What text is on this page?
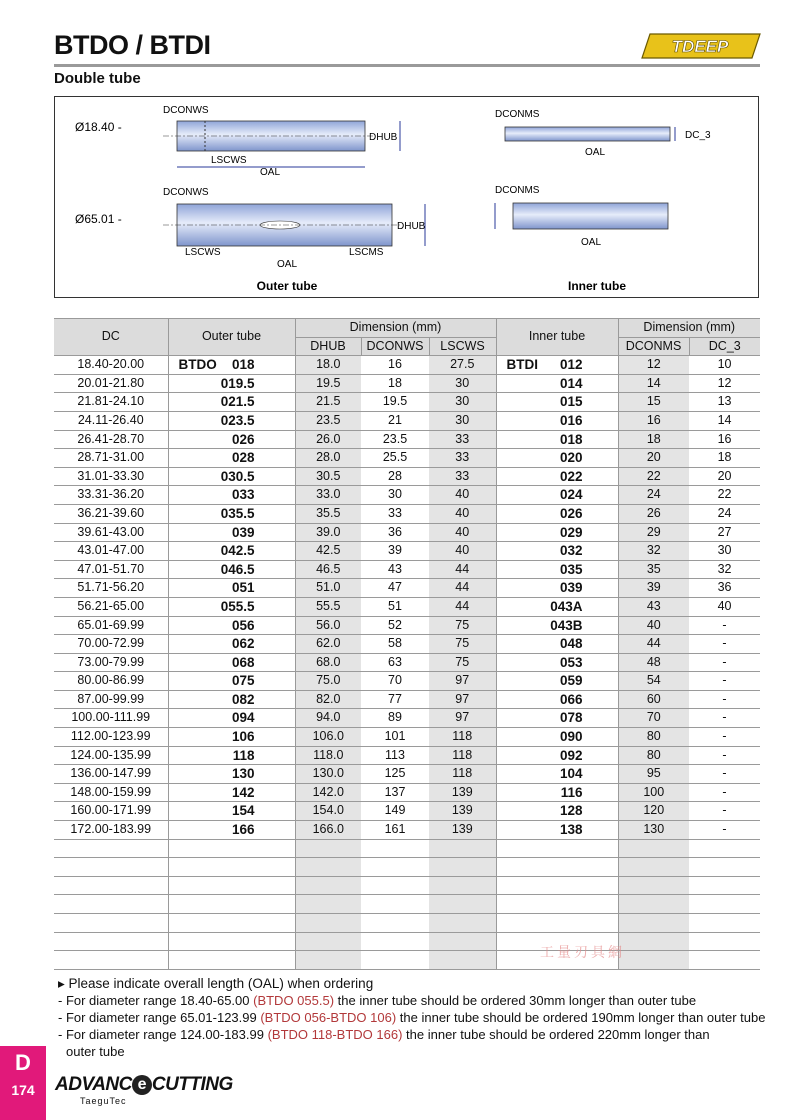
BTDO / BTDI
Double tube
TDEEP
Ø18.40 -
DCONWS
DHUB
LSCWS
OAL
Ø65.01 -
DCONWS
DHUB
LSCWS	LSCMS
OAL
Outer tube
DCONMS
DC_3
OAL
DCONMS
OAL
Inner tube
DC	Outer tube	Dimension (mm)			Inner tube	Dimension (mm)	
		DHUB	DCONWS	LSCWS		DCONMS	DC_3
18.40-20.00	BTDO 018	18.0	16	27.5	BTDI 012	12	10
20.01-21.80	019.5	19.5	18	30	014	14	12
21.81-24.10	021.5	21.5	19.5	30	015	15	13
24.11-26.40	023.5	23.5	21	30	016	16	14
26.41-28.70	026	26.0	23.5	33	018	18	16
28.71-31.00	028	28.0	25.5	33	020	20	18
31.01-33.30	030.5	30.5	28	33	022	22	20
33.31-36.20	033	33.0	30	40	024	24	22
36.21-39.60	035.5	35.5	33	40	026	26	24
39.61-43.00	039	39.0	36	40	029	29	27
43.01-47.00	042.5	42.5	39	40	032	32	30
47.01-51.70	046.5	46.5	43	44	035	35	32
51.71-56.20	051	51.0	47	44	039	39	36
56.21-65.00	055.5	55.5	51	44	043A	43	40
65.01-69.99	056	56.0	52	75	043B	40	-
70.00-72.99	062	62.0	58	75	048	44	-
73.00-79.99	068	68.0	63	75	053	48	-
80.00-86.99	075	75.0	70	97	059	54	-
87.00-99.99	082	82.0	77	97	066	60	-
100.00-111.99	094	94.0	89	97	078	70	-
112.00-123.99	106	106.0	101	118	090	80	-
124.00-135.99	118	118.0	113	118	092	80	-
136.00-147.99	130	130.0	125	118	104	95	-
148.00-159.99	142	142.0	137	139	116	100	-
160.00-171.99	154	154.0	149	139	128	120	-
172.00-183.99	166	166.0	161	139	138	130	-

工量刃具網
▸ Please indicate overall length (OAL) when ordering
- For diameter range 18.40-65.00 (BTDO 055.5) the inner tube should be ordered 30mm longer than outer tube
- For diameter range 65.01-123.99 (BTDO 056-BTDO 106) the inner tube should be ordered 190mm longer than outer tube
- For diameter range 124.00-183.99 (BTDO 118-BTDO 166) the inner tube should be ordered 220mm longer than
outer tube
D
174	ADVANC e CUTTING
TaeguTec
